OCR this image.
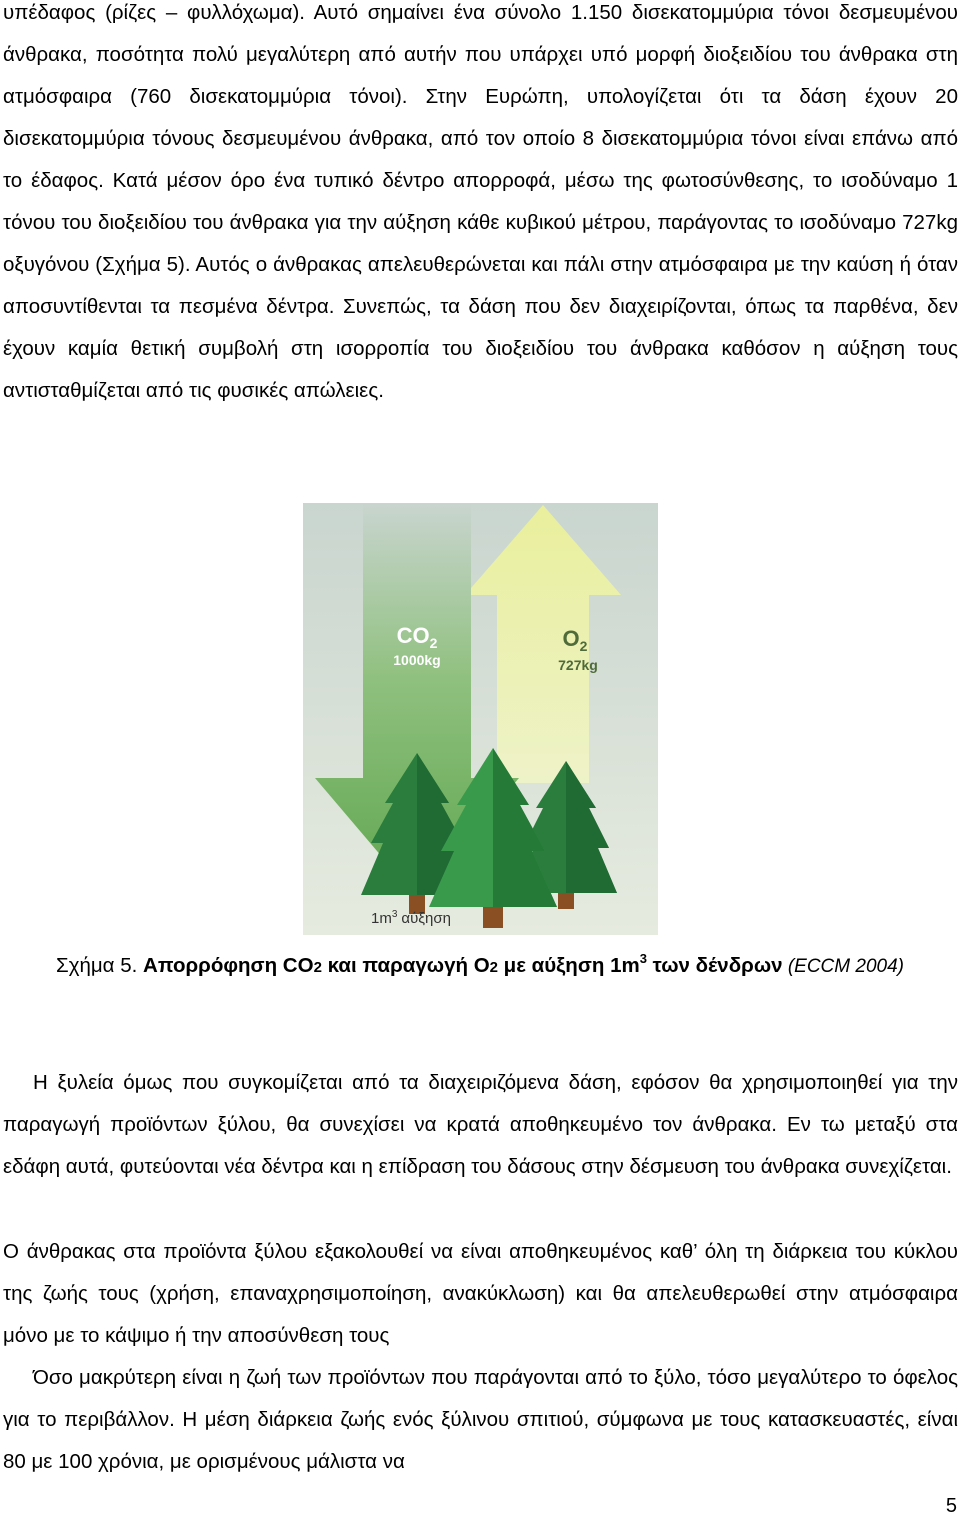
υπέδαφος (ρίζες – φυλλόχωμα). Αυτό σημαίνει ένα σύνολο 1.150 δισεκατομμύρια τόνοι δεσμευμένου άνθρακα, ποσότητα πολύ μεγαλύτερη από αυτήν που υπάρχει υπό μορφή διοξειδίου του άνθρακα στη ατμόσφαιρα (760 δισεκατομμύρια τόνοι). Στην Ευρώπη, υπολογίζεται ότι τα δάση έχουν 20 δισεκατομμύρια τόνους δεσμευμένου άνθρακα, από τον οποίο 8 δισεκατομμύρια τόνοι είναι επάνω από το έδαφος. Κατά μέσον όρο ένα τυπικό δέντρο απορροφά, μέσω της φωτοσύνθεσης, το ισοδύναμο 1 τόνου του διοξειδίου του άνθρακα για την αύξηση κάθε κυβικού μέτρου, παράγοντας το ισοδύναμο 727kg οξυγόνου (Σχήμα 5). Αυτός ο άνθρακας απελευθερώνεται και πάλι στην ατμόσφαιρα με την καύση ή όταν αποσυντίθενται τα πεσμένα δέντρα. Συνεπώς, τα δάση που δεν διαχειρίζονται, όπως τα παρθένα, δεν έχουν καμία θετική συμβολή στη ισορροπία του διοξειδίου του άνθρακα καθόσον η αύξηση τους αντισταθμίζεται από τις φυσικές απώλειες.

$CO_2$
1000kg
$O_2$
727kg
$1m^3$ αύξηση
Σχήμα 5. Απορρόφηση CO2 και παραγωγή O2 με αύξηση $1m^3$ των δένδρων (ECCM 2004)

Η ξυλεία όμως που συγκομίζεται από τα διαχειριζόμενα δάση, εφόσον θα χρησιμοποιηθεί για την παραγωγή προϊόντων ξύλου, θα συνεχίσει να κρατά αποθηκευμένο τον άνθρακα. Εν τω μεταξύ στα εδάφη αυτά, φυτεύονται νέα δέντρα και η επίδραση του δάσους στην δέσμευση του άνθρακα συνεχίζεται.

Ο άνθρακας στα προϊόντα ξύλου εξακολουθεί να είναι αποθηκευμένος καθ’ όλη τη διάρκεια του κύκλου της ζωής τους (χρήση, επαναχρησιμοποίηση, ανακύκλωση) και θα απελευθερωθεί στην ατμόσφαιρα μόνο με το κάψιμο ή την αποσύνθεση τους

Όσο μακρύτερη είναι η ζωή των προϊόντων που παράγονται από το ξύλο, τόσο μεγαλύτερο το όφελος για το περιβάλλον. Η μέση διάρκεια ζωής ενός ξύλινου σπιτιού, σύμφωνα με τους κατασκευαστές, είναι 80 με 100 χρόνια, με ορισμένους μάλιστα να

5
